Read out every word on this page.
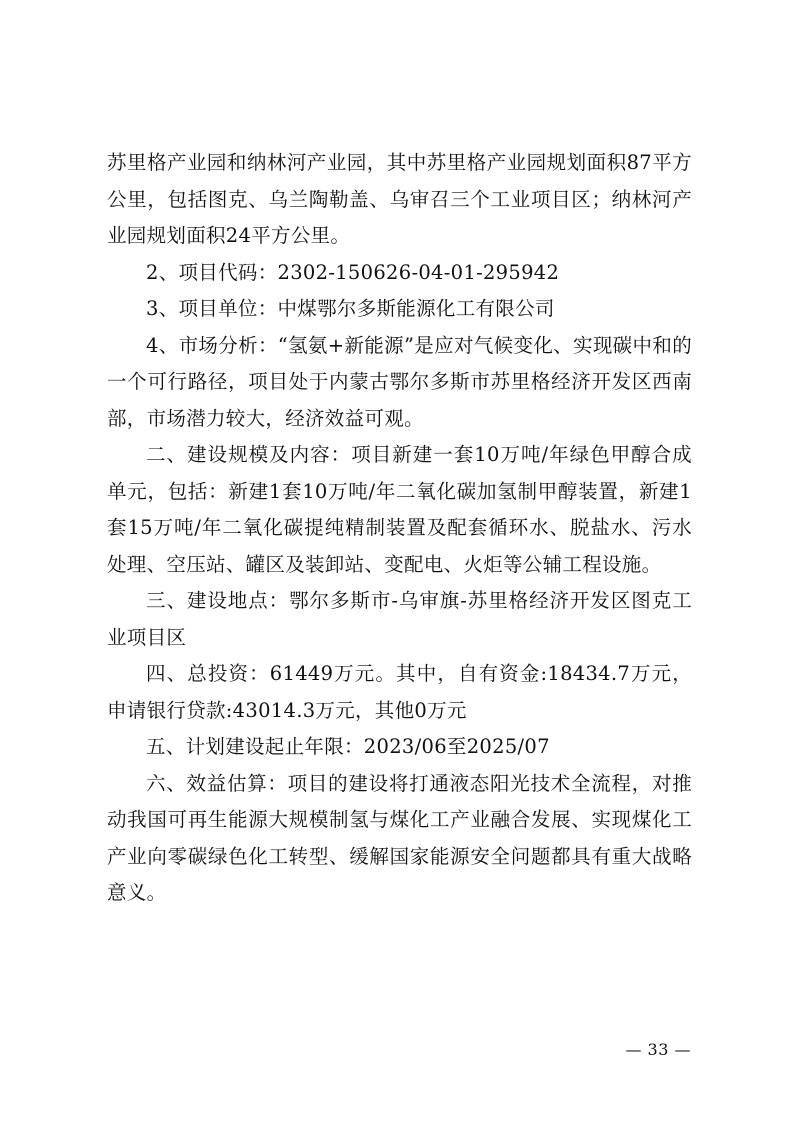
苏里格产业园和纳林河产业园，其中苏里格产业园规划面积87平方公里，包括图克、乌兰陶勒盖、乌审召三个工业项目区；纳林河产业园规划面积24平方公里。

2、项目代码：2302-150626-04-01-295942

3、项目单位：中煤鄂尔多斯能源化工有限公司

4、市场分析：“氢氨+新能源”是应对气候变化、实现碳中和的一个可行路径，项目处于内蒙古鄂尔多斯市苏里格经济开发区西南部，市场潜力较大，经济效益可观。

二、建设规模及内容：项目新建一套10万吨/年绿色甲醇合成单元，包括：新建1套10万吨/年二氧化碳加氢制甲醇装置，新建1套15万吨/年二氧化碳提纯精制装置及配套循环水、脱盐水、污水处理、空压站、罐区及装卸站、变配电、火炬等公辅工程设施。

三、建设地点：鄂尔多斯市-乌审旗-苏里格经济开发区图克工业项目区

四、总投资：61449万元。其中，自有资金:18434.7万元，申请银行贷款:43014.3万元，其他0万元

五、计划建设起止年限：2023/06至2025/07

六、效益估算：项目的建设将打通液态阳光技术全流程，对推动我国可再生能源大规模制氢与煤化工产业融合发展、实现煤化工产业向零碳绿色化工转型、缓解国家能源安全问题都具有重大战略意义。

— 33 —
